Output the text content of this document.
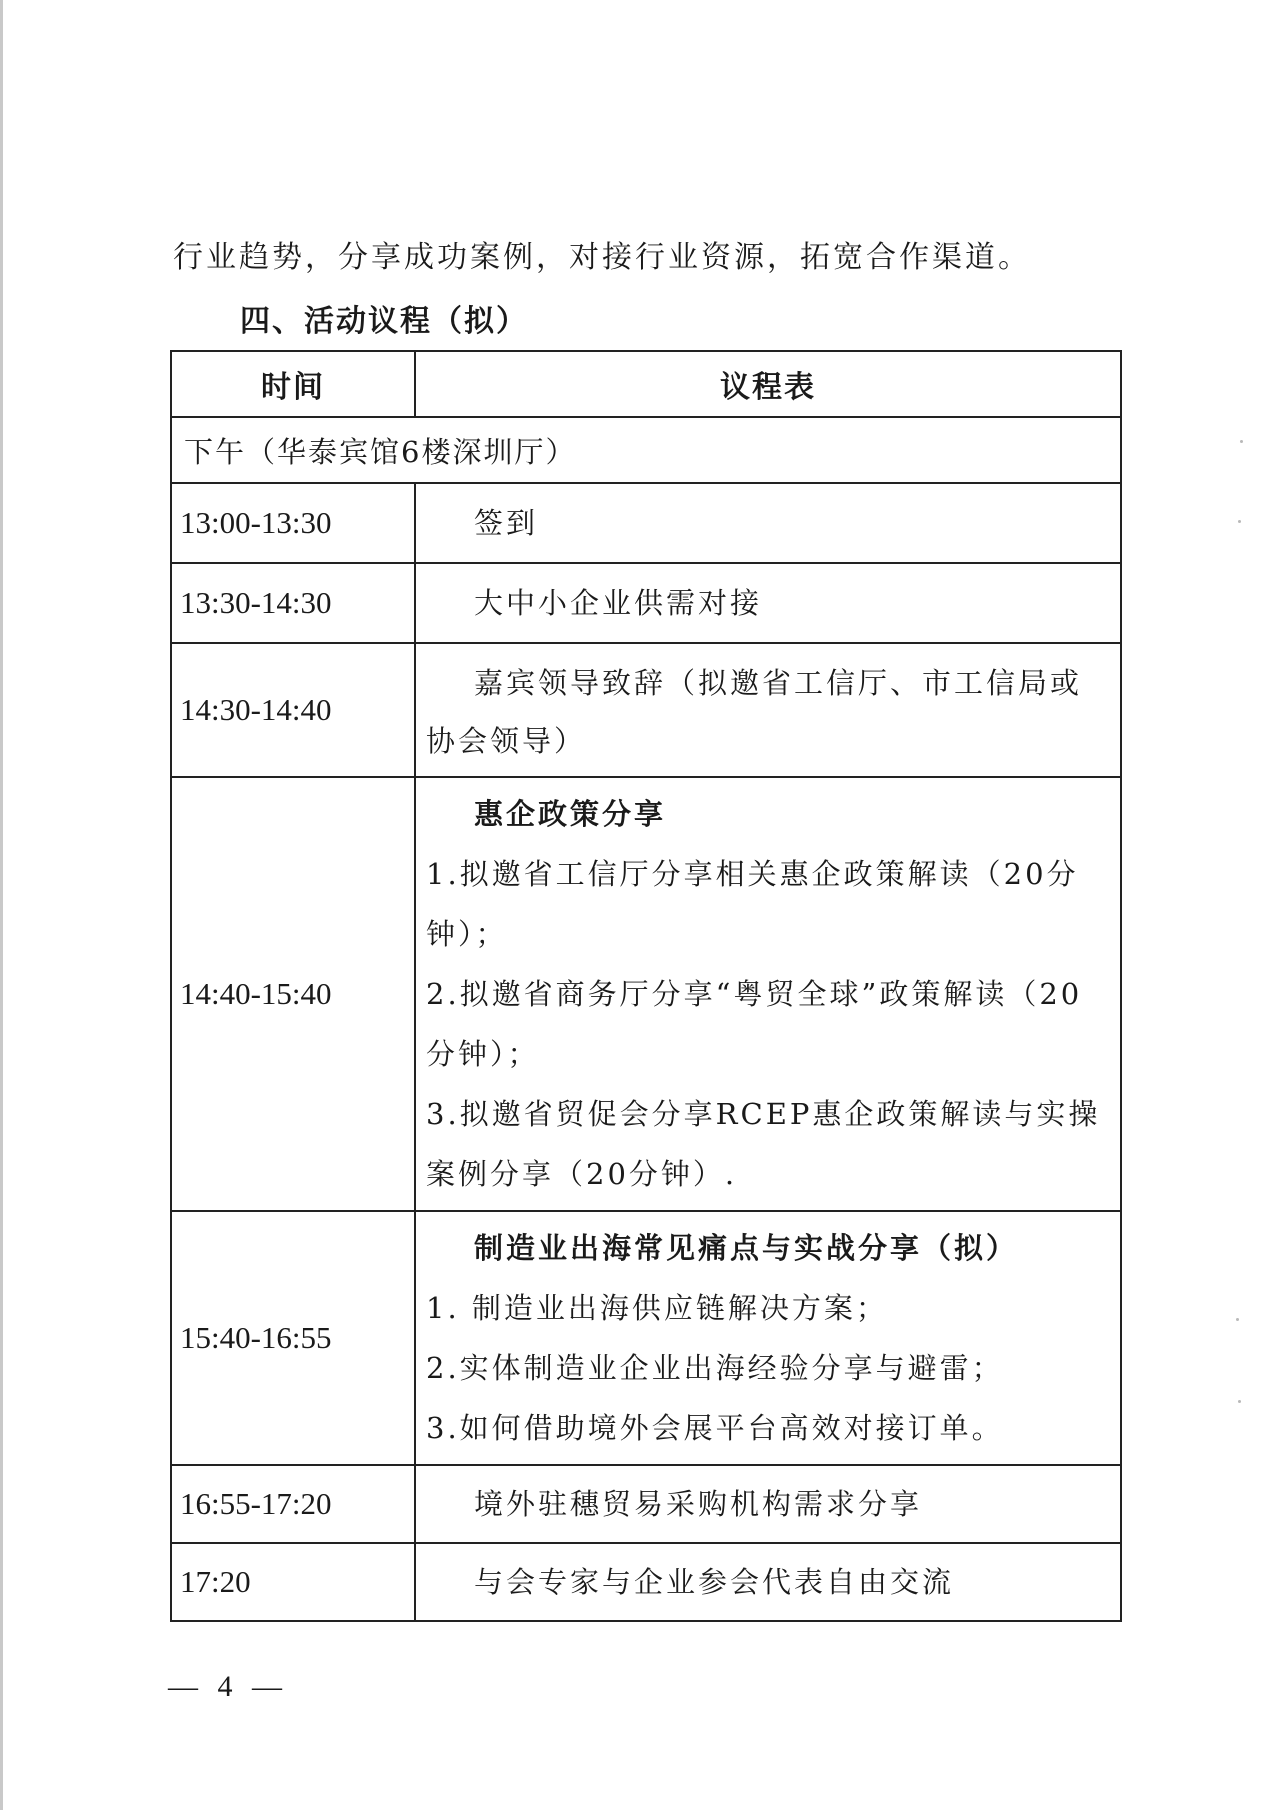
行业趋势，分享成功案例，对接行业资源，拓宽合作渠道。
四、活动议程（拟）
时间	议程表
下午（华泰宾馆6楼深圳厅）	
13:00-13:30	签到

13:30-14:30	大中小企业供需对接

14:30-14:40	嘉宾领导致辞（拟邀省工信厅、市工信局或协会领导）

14:40-15:40	惠企政策分享
1.拟邀省工信厅分享相关惠企政策解读（20分钟）；
2.拟邀省商务厅分享“粤贸全球”政策解读（20分钟）；
3.拟邀省贸促会分享RCEP惠企政策解读与实操案例分享（20分钟）.

15:40-16:55	制造业出海常见痛点与实战分享（拟）
1. 制造业出海供应链解决方案；
2.实体制造业企业出海经验分享与避雷；
3.如何借助境外会展平台高效对接订单。

16:55-17:20	境外驻穗贸易采购机构需求分享

17:20	与会专家与企业参会代表自由交流
— 4 —
